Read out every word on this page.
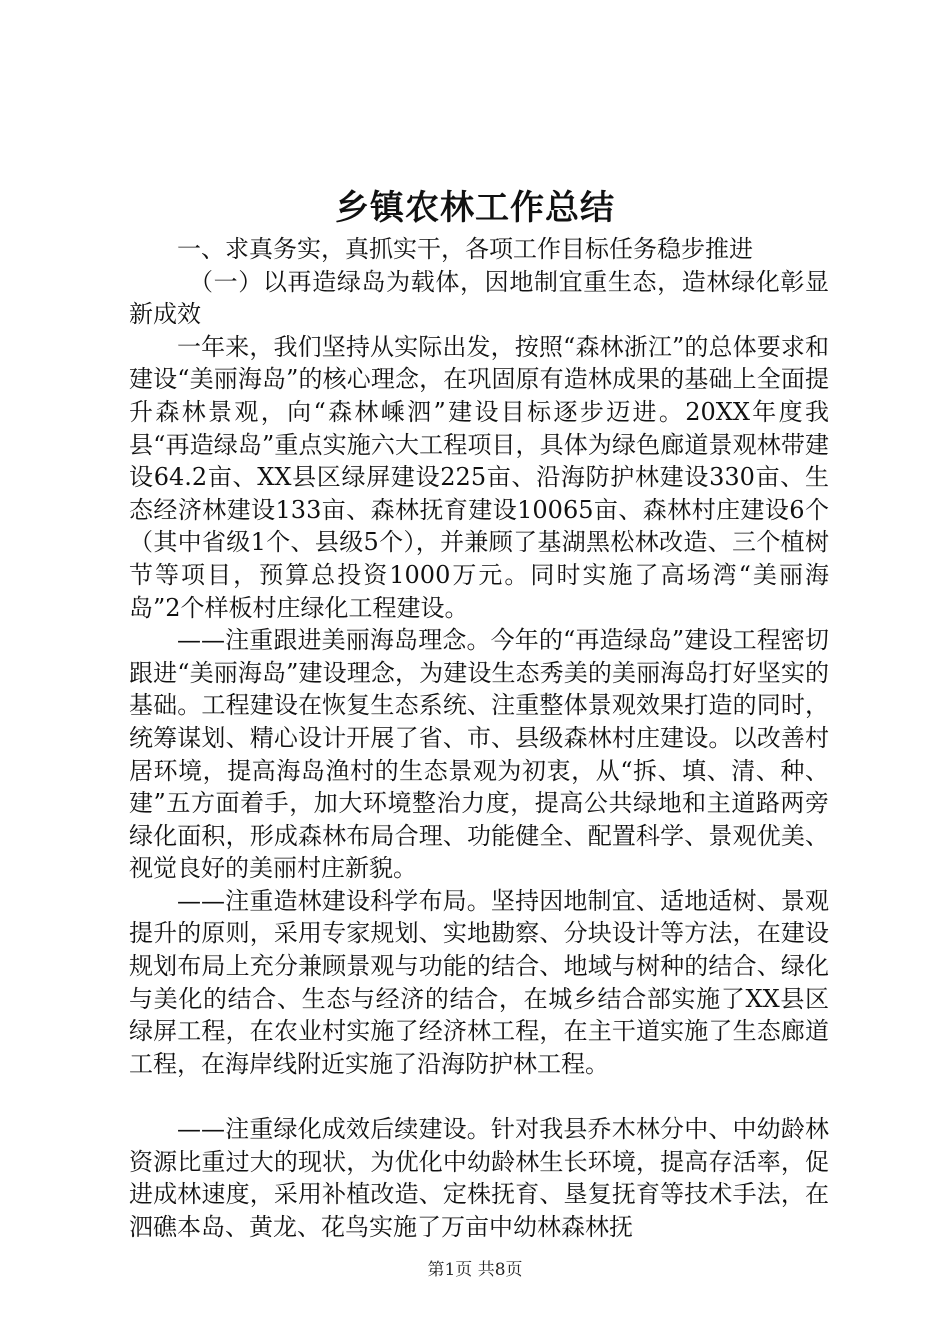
乡镇农林工作总结

一、求真务实，真抓实干，各项工作目标任务稳步推进

（一）以再造绿岛为载体，因地制宜重生态，造林绿化彰显新成效

一年来，我们坚持从实际出发，按照“森林浙江”的总体要求和建设“美丽海岛”的核心理念，在巩固原有造林成果的基础上全面提升森林景观，向“森林嵊泗”建设目标逐步迈进。20XX年度我县“再造绿岛”重点实施六大工程项目，具体为绿色廊道景观林带建设64.2亩、XX县区绿屏建设225亩、沿海防护林建设330亩、生态经济林建设133亩、森林抚育建设10065亩、森林村庄建设6个（其中省级1个、县级5个），并兼顾了基湖黑松林改造、三个植树节等项目，预算总投资1000万元。同时实施了高场湾“美丽海岛”2个样板村庄绿化工程建设。

——注重跟进美丽海岛理念。今年的“再造绿岛”建设工程密切跟进“美丽海岛”建设理念，为建设生态秀美的美丽海岛打好坚实的基础。工程建设在恢复生态系统、注重整体景观效果打造的同时，统筹谋划、精心设计开展了省、市、县级森林村庄建设。以改善村居环境，提高海岛渔村的生态景观为初衷，从“拆、填、清、种、建”五方面着手，加大环境整治力度，提高公共绿地和主道路两旁绿化面积，形成森林布局合理、功能健全、配置科学、景观优美、视觉良好的美丽村庄新貌。

——注重造林建设科学布局。坚持因地制宜、适地适树、景观提升的原则，采用专家规划、实地勘察、分块设计等方法，在建设规划布局上充分兼顾景观与功能的结合、地域与树种的结合、绿化与美化的结合、生态与经济的结合，在城乡结合部实施了XX县区绿屏工程，在农业村实施了经济林工程，在主干道实施了生态廊道工程，在海岸线附近实施了沿海防护林工程。

——注重绿化成效后续建设。针对我县乔木林分中、中幼龄林资源比重过大的现状，为优化中幼龄林生长环境，提高存活率，促进成林速度，采用补植改造、定株抚育、垦复抚育等技术手法，在泗礁本岛、黄龙、花鸟实施了万亩中幼林森林抚

第1页 共8页
